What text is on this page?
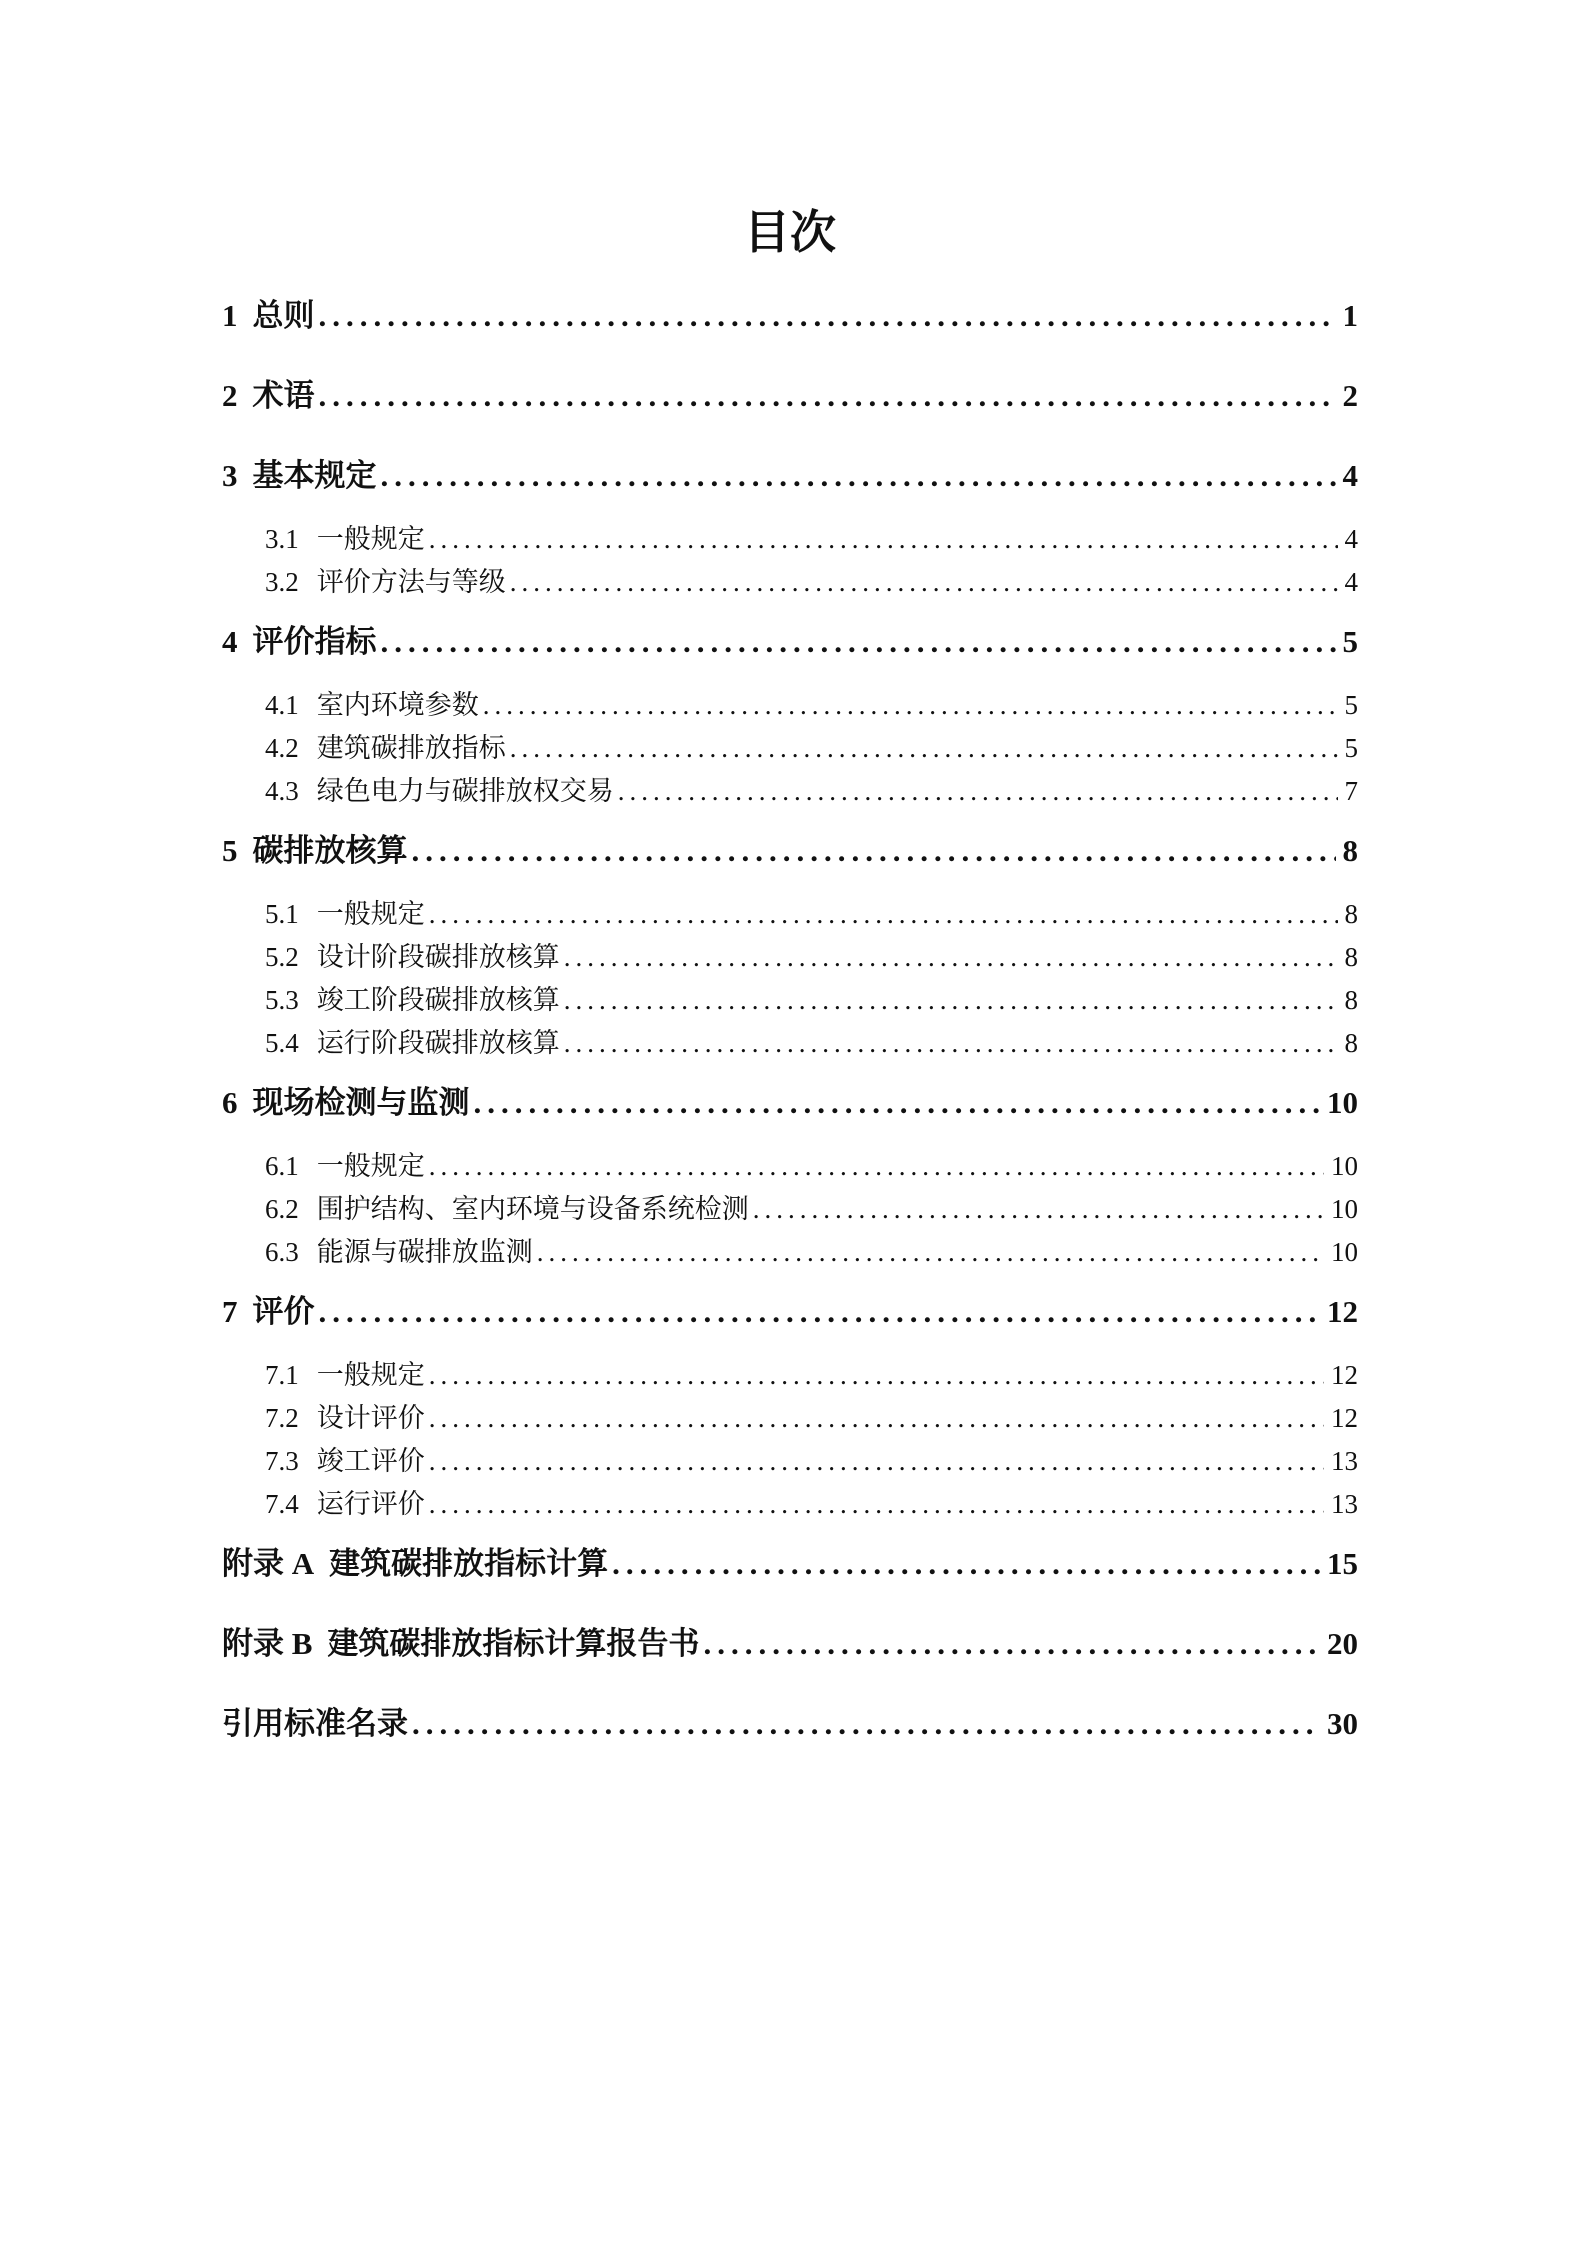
目次
1 总则 .....	1
2 术语 .....	2
3 基本规定 .....	4
3.1 一般规定 .....	4
3.2 评价方法与等级 .....	4
4 评价指标 .....	5
4.1 室内环境参数 .....	5
4.2 建筑碳排放指标 .....	5
4.3 绿色电力与碳排放权交易 .....	7
5 碳排放核算 .....	8
5.1 一般规定 .....	8
5.2 设计阶段碳排放核算 .....	8
5.3 竣工阶段碳排放核算 .....	8
5.4 运行阶段碳排放核算 .....	8
6 现场检测与监测 .....	10
6.1 一般规定 .....	10
6.2 围护结构、室内环境与设备系统检测 .....	10
6.3 能源与碳排放监测 .....	10
7 评价 .....	12
7.1 一般规定 .....	12
7.2 设计评价 .....	12
7.3 竣工评价 .....	13
7.4 运行评价 .....	13
附录 A 建筑碳排放指标计算 .....	15
附录 B 建筑碳排放指标计算报告书 .....	20
引用标准名录 .....	30
